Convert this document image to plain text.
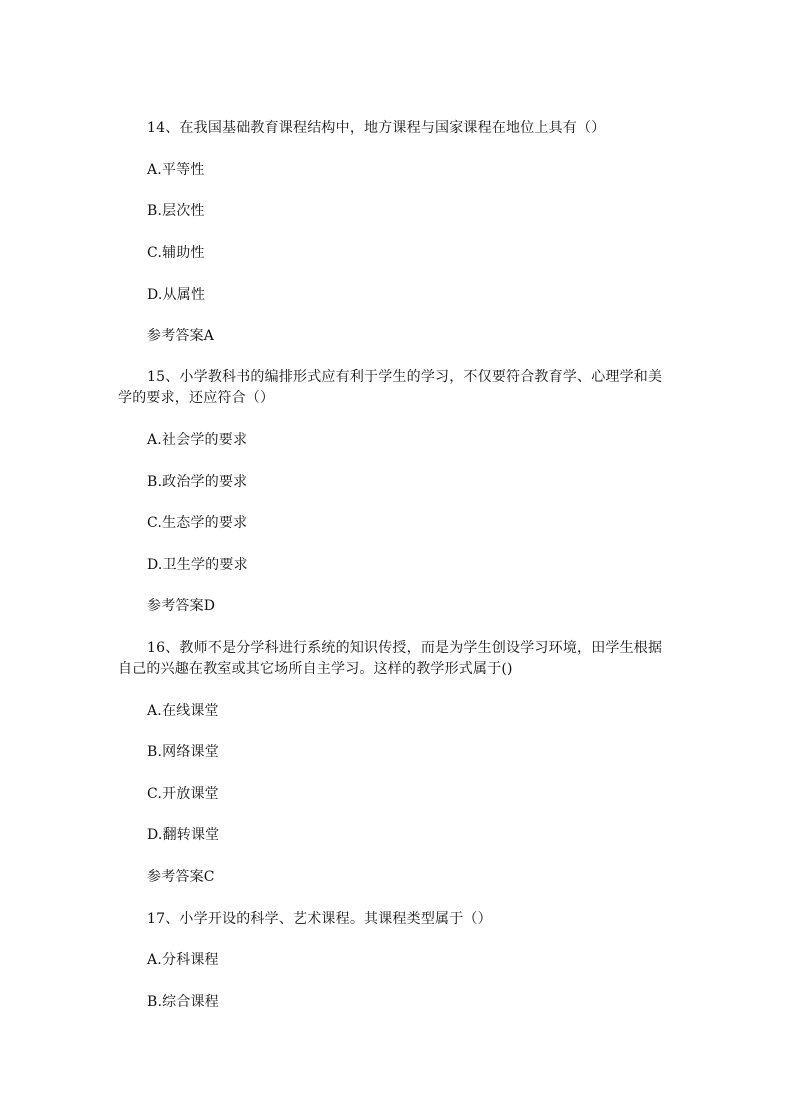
14、在我国基础教育课程结构中，地方课程与国家课程在地位上具有（）
A.平等性
B.层次性
C.辅助性
D.从属性
参考答案A
15、小学教科书的编排形式应有利于学生的学习，不仅要符合教育学、心理学和美学的要求，还应符合（）
A.社会学的要求
B.政治学的要求
C.生态学的要求
D.卫生学的要求
参考答案D
16、教师不是分学科进行系统的知识传授，而是为学生创设学习环境，田学生根据自己的兴趣在教室或其它场所自主学习。这样的教学形式属于()
A.在线课堂
B.网络课堂
C.开放课堂
D.翻转课堂
参考答案C
17、小学开设的科学、艺术课程。其课程类型属于（）
A.分科课程
B.综合课程
